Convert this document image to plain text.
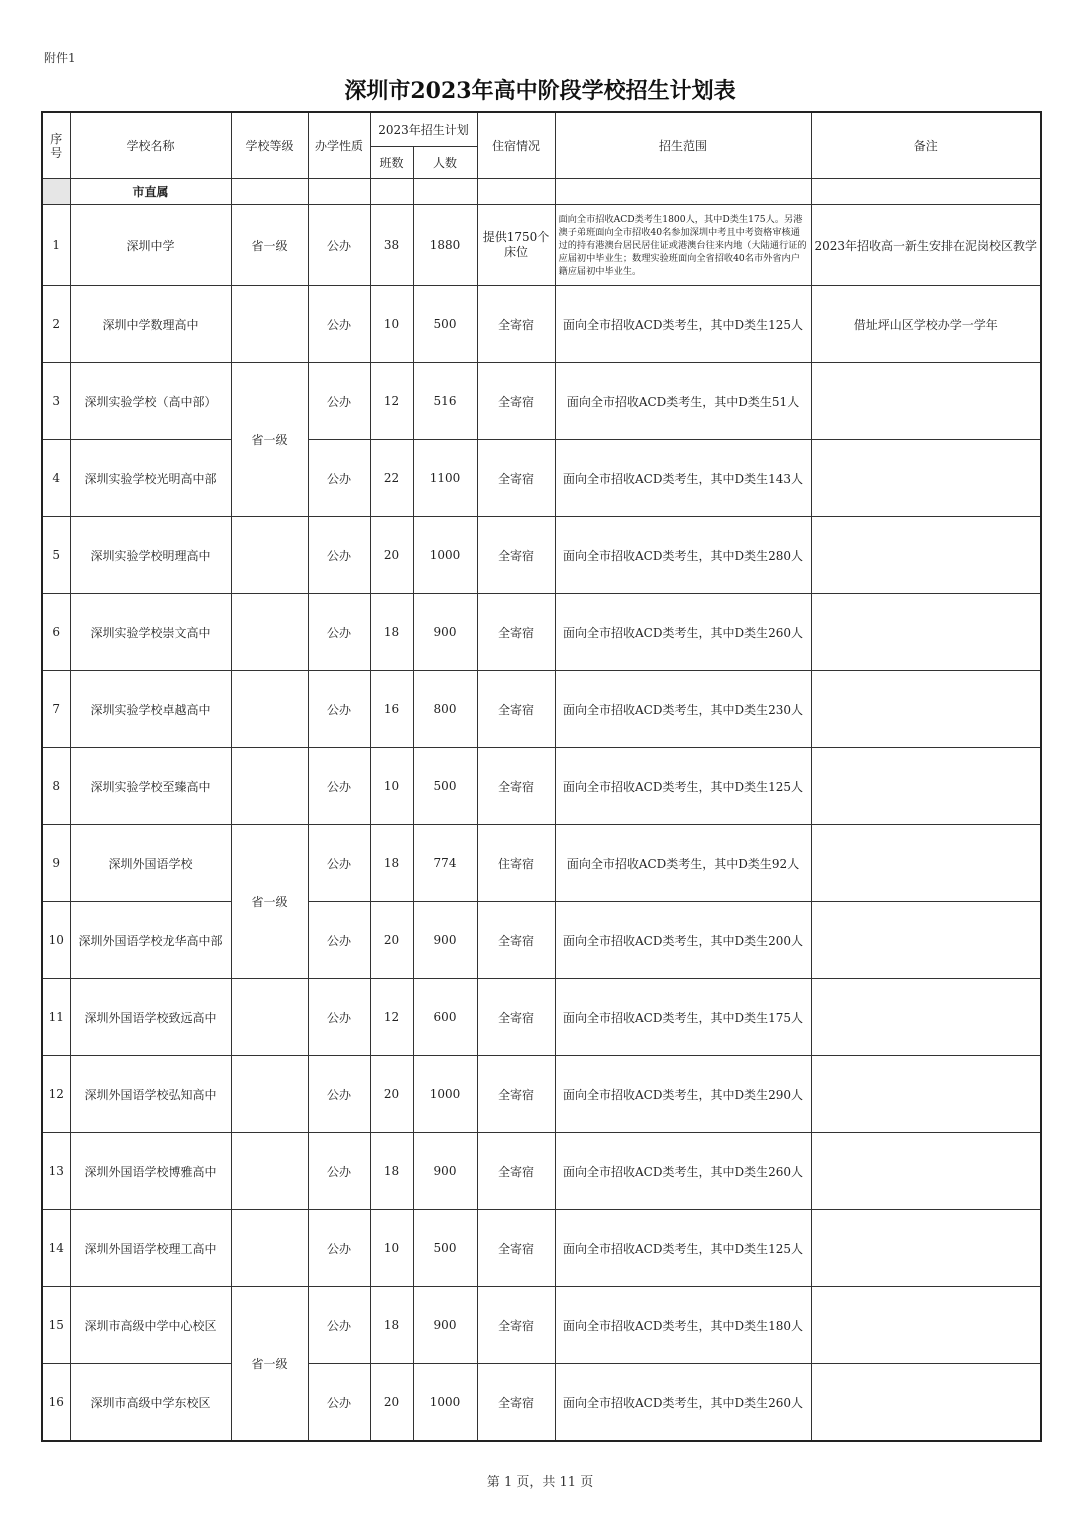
附件1
深圳市2023年高中阶段学校招生计划表
序号	学校名称	学校等级	办学性质	2023年招生计划		住宿情况	招生范围	备注
				班数	人数			
	市直属							
1	深圳中学	省一级	公办	38	1880	提供1750个床位	面向全市招收ACD类考生1800人，其中D类生175人。另港澳子弟班面向全市招收40名参加深圳中考且中考资格审核通过的持有港澳台居民居住证或港澳台往来内地（大陆通行证的应届初中毕业生；数理实验班面向全省招收40名市外省内户籍应届初中毕业生。	2023年招收高一新生安排在泥岗校区教学
2	深圳中学数理高中		公办	10	500	全寄宿	面向全市招收ACD类考生，其中D类生125人	借址坪山区学校办学一学年
3	深圳实验学校（高中部）	省一级	公办	12	516	全寄宿	面向全市招收ACD类考生，其中D类生51人	
4	深圳实验学校光明高中部		公办	22	1100	全寄宿	面向全市招收ACD类考生，其中D类生143人	
5	深圳实验学校明理高中		公办	20	1000	全寄宿	面向全市招收ACD类考生，其中D类生280人	
6	深圳实验学校崇文高中		公办	18	900	全寄宿	面向全市招收ACD类考生，其中D类生260人	
7	深圳实验学校卓越高中		公办	16	800	全寄宿	面向全市招收ACD类考生，其中D类生230人	
8	深圳实验学校至臻高中		公办	10	500	全寄宿	面向全市招收ACD类考生，其中D类生125人	
9	深圳外国语学校	省一级	公办	18	774	住寄宿	面向全市招收ACD类考生，其中D类生92人	
10	深圳外国语学校龙华高中部		公办	20	900	全寄宿	面向全市招收ACD类考生，其中D类生200人	
11	深圳外国语学校致远高中		公办	12	600	全寄宿	面向全市招收ACD类考生，其中D类生175人	
12	深圳外国语学校弘知高中		公办	20	1000	全寄宿	面向全市招收ACD类考生，其中D类生290人	
13	深圳外国语学校博雅高中		公办	18	900	全寄宿	面向全市招收ACD类考生，其中D类生260人	
14	深圳外国语学校理工高中		公办	10	500	全寄宿	面向全市招收ACD类考生，其中D类生125人	
15	深圳市高级中学中心校区	省一级	公办	18	900	全寄宿	面向全市招收ACD类考生，其中D类生180人	
16	深圳市高级中学东校区		公办	20	1000	全寄宿	面向全市招收ACD类考生，其中D类生260人	
第 1 页，共 11 页
